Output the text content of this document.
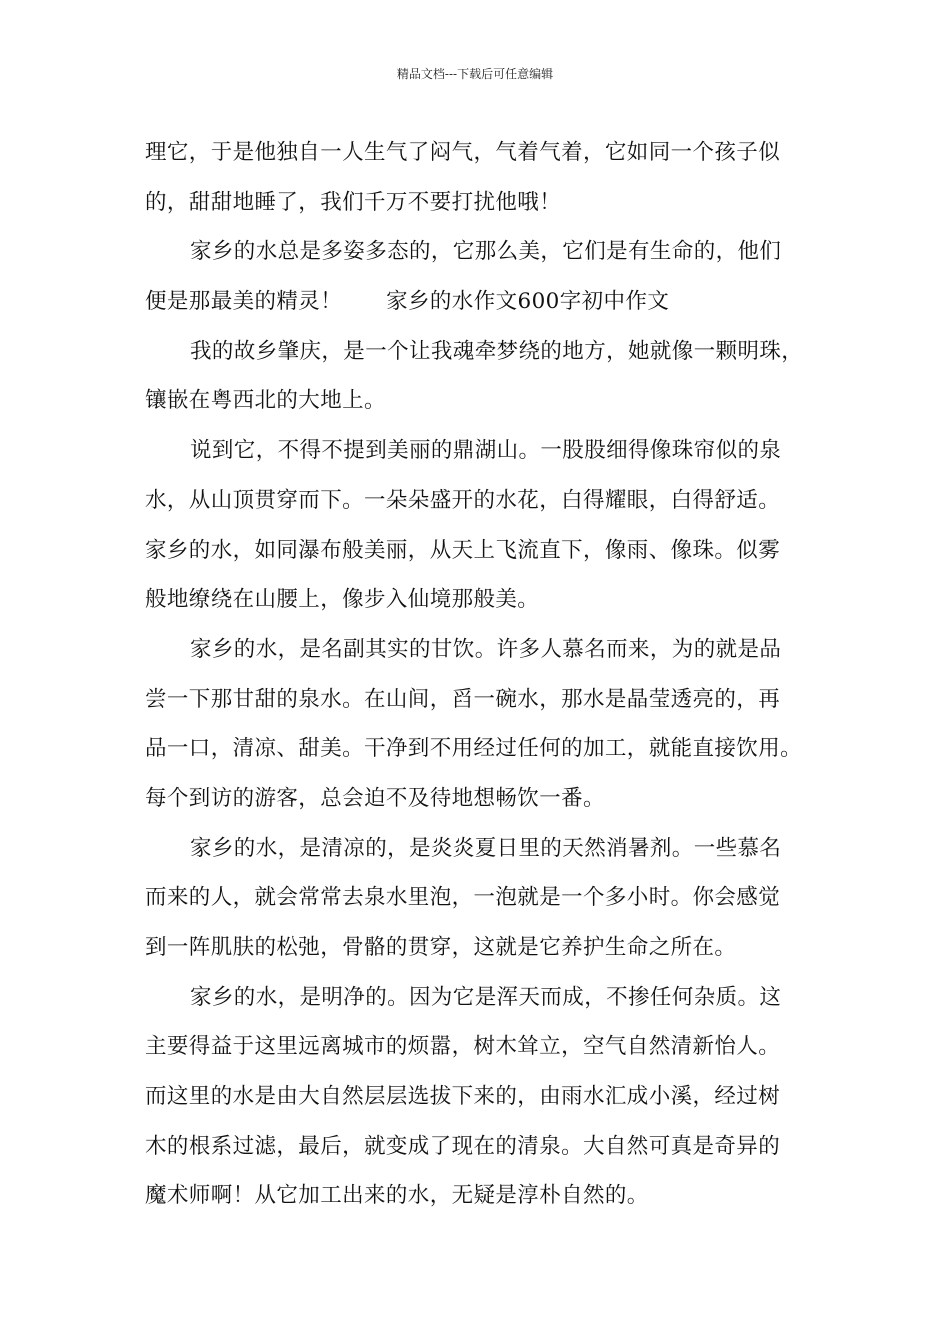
精品文档---下载后可任意编辑
理它，于是他独自一人生气了闷气，气着气着，它如同一个孩子似
的，甜甜地睡了，我们千万不要打扰他哦！
家乡的水总是多姿多态的，它那么美，它们是有生命的，他们
便是那最美的精灵！ 家乡的水作文600字初中作文
我的故乡肇庆，是一个让我魂牵梦绕的地方，她就像一颗明珠，
镶嵌在粤西北的大地上。
说到它，不得不提到美丽的鼎湖山。一股股细得像珠帘似的泉
水，从山顶贯穿而下。一朵朵盛开的水花，白得耀眼，白得舒适。
家乡的水，如同瀑布般美丽，从天上飞流直下，像雨、像珠。似雾
般地缭绕在山腰上，像步入仙境那般美。
家乡的水，是名副其实的甘饮。许多人慕名而来，为的就是品
尝一下那甘甜的泉水。在山间，舀一碗水，那水是晶莹透亮的，再
品一口，清凉、甜美。干净到不用经过任何的加工，就能直接饮用。
每个到访的游客，总会迫不及待地想畅饮一番。
家乡的水，是清凉的，是炎炎夏日里的天然消暑剂。一些慕名
而来的人，就会常常去泉水里泡，一泡就是一个多小时。你会感觉
到一阵肌肤的松弛，骨骼的贯穿，这就是它养护生命之所在。
家乡的水，是明净的。因为它是浑天而成，不掺任何杂质。这
主要得益于这里远离城市的烦嚣，树木耸立，空气自然清新怡人。
而这里的水是由大自然层层选拔下来的，由雨水汇成小溪，经过树
木的根系过滤，最后，就变成了现在的清泉。大自然可真是奇异的
魔术师啊！从它加工出来的水，无疑是淳朴自然的。
